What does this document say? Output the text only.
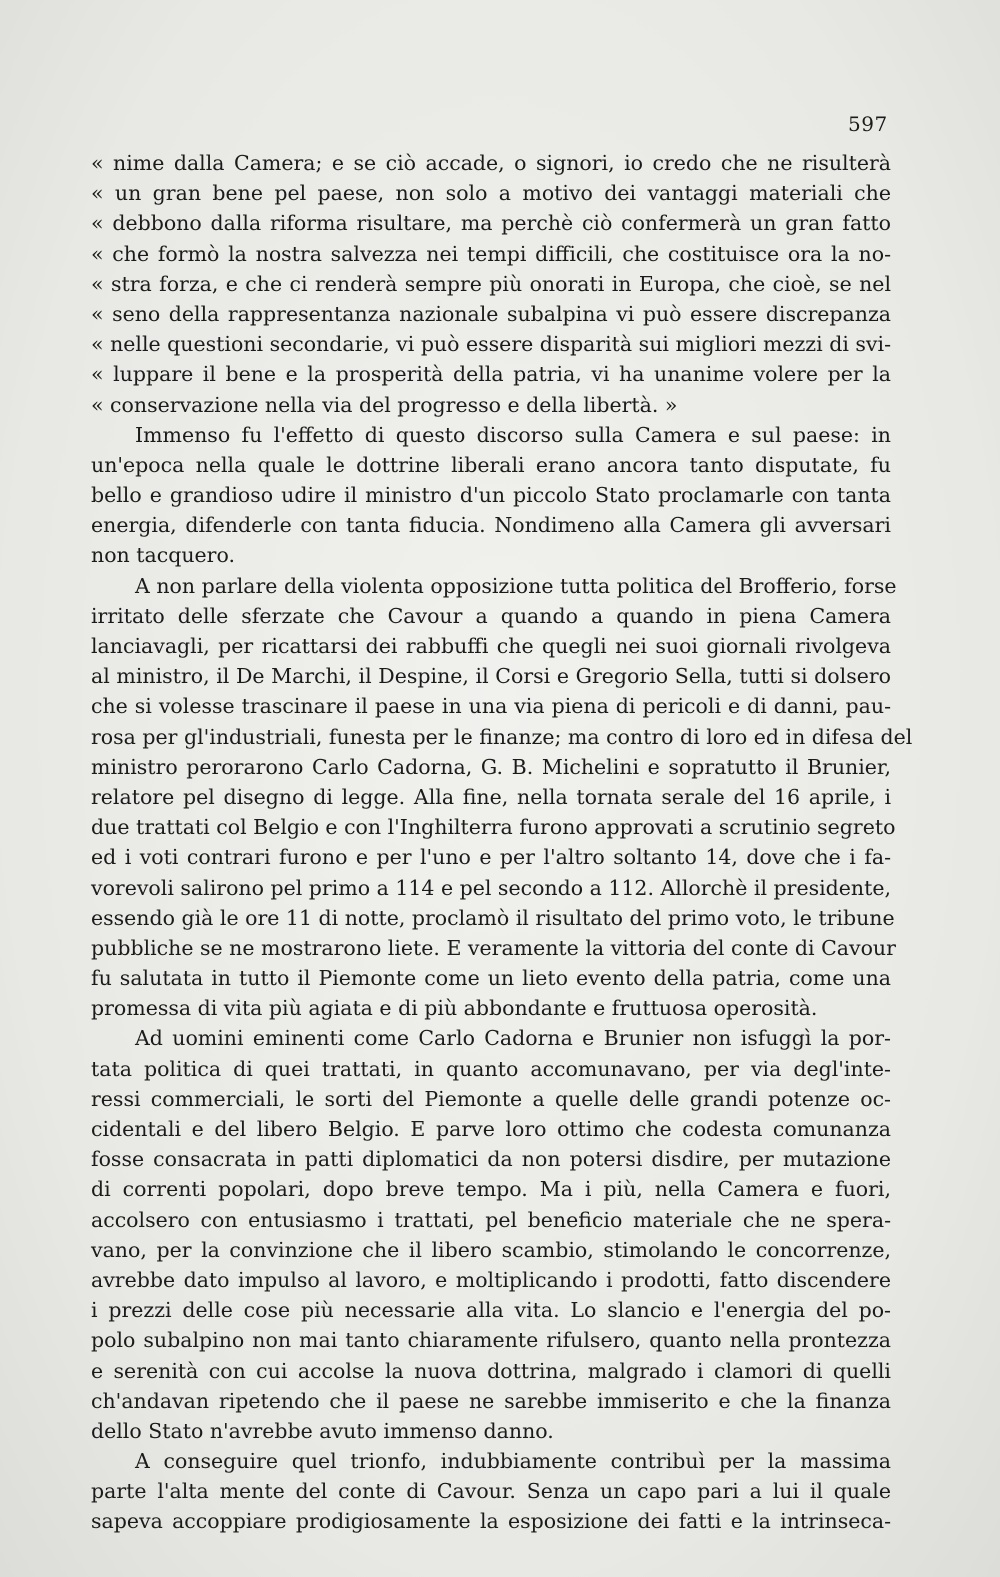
597
« nime dalla Camera; e se ciò accade, o signori, io credo che ne risulterà
« un gran bene pel paese, non solo a motivo dei vantaggi materiali che
« debbono dalla riforma risultare, ma perchè ciò confermerà un gran fatto
« che formò la nostra salvezza nei tempi difficili, che costituisce ora la no-
« stra forza, e che ci renderà sempre più onorati in Europa, che cioè, se nel
« seno della rappresentanza nazionale subalpina vi può essere discrepanza
« nelle questioni secondarie, vi può essere disparità sui migliori mezzi di svi-
« luppare il bene e la prosperità della patria, vi ha unanime volere per la
« conservazione nella via del progresso e della libertà. »
Immenso fu l'effetto di questo discorso sulla Camera e sul paese: in
un'epoca nella quale le dottrine liberali erano ancora tanto disputate, fu
bello e grandioso udire il ministro d'un piccolo Stato proclamarle con tanta
energia, difenderle con tanta fiducia. Nondimeno alla Camera gli avversari
non tacquero.
A non parlare della violenta opposizione tutta politica del Brofferio, forse
irritato delle sferzate che Cavour a quando a quando in piena Camera
lanciavagli, per ricattarsi dei rabbuffi che quegli nei suoi giornali rivolgeva
al ministro, il De Marchi, il Despine, il Corsi e Gregorio Sella, tutti si dolsero
che si volesse trascinare il paese in una via piena di pericoli e di danni, pau-
rosa per gl'industriali, funesta per le finanze; ma contro di loro ed in difesa del
ministro perorarono Carlo Cadorna, G. B. Michelini e sopratutto il Brunier,
relatore pel disegno di legge. Alla fine, nella tornata serale del 16 aprile, i
due trattati col Belgio e con l'Inghilterra furono approvati a scrutinio segreto
ed i voti contrari furono e per l'uno e per l'altro soltanto 14, dove che i fa-
vorevoli salirono pel primo a 114 e pel secondo a 112. Allorchè il presidente,
essendo già le ore 11 di notte, proclamò il risultato del primo voto, le tribune
pubbliche se ne mostrarono liete. E veramente la vittoria del conte di Cavour
fu salutata in tutto il Piemonte come un lieto evento della patria, come una
promessa di vita più agiata e di più abbondante e fruttuosa operosità.
Ad uomini eminenti come Carlo Cadorna e Brunier non isfuggì la por-
tata politica di quei trattati, in quanto accomunavano, per via degl'inte-
ressi commerciali, le sorti del Piemonte a quelle delle grandi potenze oc-
cidentali e del libero Belgio. E parve loro ottimo che codesta comunanza
fosse consacrata in patti diplomatici da non potersi disdire, per mutazione
di correnti popolari, dopo breve tempo. Ma i più, nella Camera e fuori,
accolsero con entusiasmo i trattati, pel beneficio materiale che ne spera-
vano, per la convinzione che il libero scambio, stimolando le concorrenze,
avrebbe dato impulso al lavoro, e moltiplicando i prodotti, fatto discendere
i prezzi delle cose più necessarie alla vita. Lo slancio e l'energia del po-
polo subalpino non mai tanto chiaramente rifulsero, quanto nella prontezza
e serenità con cui accolse la nuova dottrina, malgrado i clamori di quelli
ch'andavan ripetendo che il paese ne sarebbe immiserito e che la finanza
dello Stato n'avrebbe avuto immenso danno.
A conseguire quel trionfo, indubbiamente contribuì per la massima
parte l'alta mente del conte di Cavour. Senza un capo pari a lui il quale
sapeva accoppiare prodigiosamente la esposizione dei fatti e la intrinseca-
